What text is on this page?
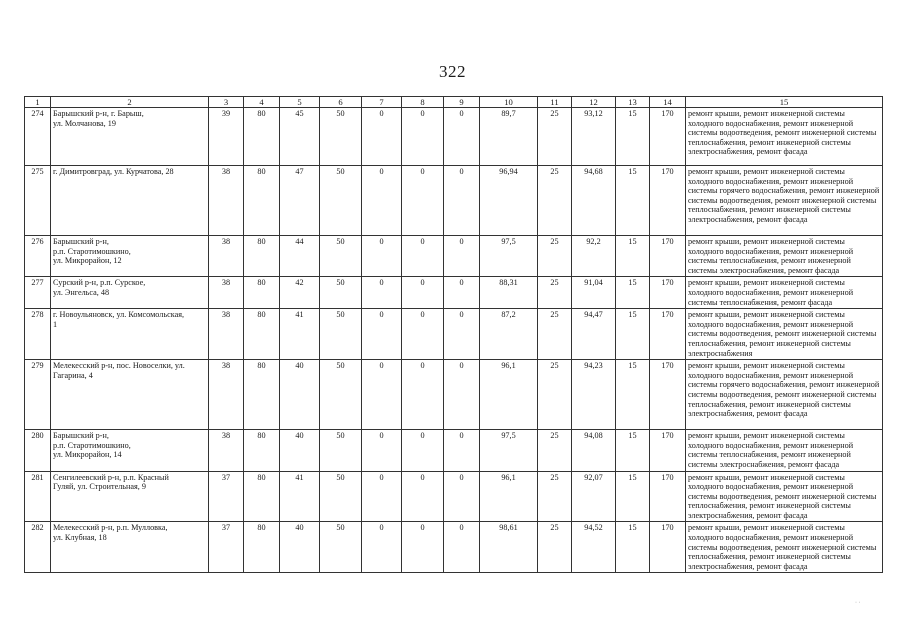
322
1	2	3	4	5	6	7	8	9	10	11	12	13	14	15
274	Барышский р-н, г. Барыш,
ул. Молчанова, 19	39	80	45	50	0	0	0	89,7	25	93,12	15	170	ремонт крыши, ремонт инженерной системы холодного водоснабжения, ремонт инженерной системы водоотведения, ремонт инженерной системы теплоснабжения, ремонт инженерной системы электроснабжения, ремонт фасада
275	г. Димитровград, ул. Курчатова, 28	38	80	47	50	0	0	0	96,94	25	94,68	15	170	ремонт крыши, ремонт инженерной системы холодного водоснабжения, ремонт инженерной системы горячего водоснабжения, ремонт инженерной системы водоотведения, ремонт инженерной системы теплоснабжения, ремонт инженерной системы электроснабжения, ремонт фасада
276	Барышский р-н,
р.п. Старотимошкино,
ул. Микрорайон, 12	38	80	44	50	0	0	0	97,5	25	92,2	15	170	ремонт крыши, ремонт инженерной системы холодного водоснабжения, ремонт инженерной системы теплоснабжения, ремонт инженерной системы электроснабжения, ремонт фасада
277	Сурский р-н, р.п. Сурское,
ул. Энгельса, 48	38	80	42	50	0	0	0	88,31	25	91,04	15	170	ремонт крыши, ремонт инженерной системы холодного водоснабжения, ремонт инженерной системы теплоснабжения, ремонт фасада
278	г. Новоульяновск, ул. Комсомольская,
1	38	80	41	50	0	0	0	87,2	25	94,47	15	170	ремонт крыши, ремонт инженерной системы холодного водоснабжения, ремонт инженерной системы водоотведения, ремонт инженерной системы теплоснабжения, ремонт инженерной системы электроснабжения
279	Мелекесский р-н, пос. Новоселки, ул.
Гагарина, 4	38	80	40	50	0	0	0	96,1	25	94,23	15	170	ремонт крыши, ремонт инженерной системы холодного водоснабжения, ремонт инженерной системы горячего водоснабжения, ремонт инженерной системы водоотведения, ремонт инженерной системы теплоснабжения, ремонт инженерной системы электроснабжения, ремонт фасада
280	Барышский р-н,
р.п. Старотимошкино,
ул. Микрорайон, 14	38	80	40	50	0	0	0	97,5	25	94,08	15	170	ремонт крыши, ремонт инженерной системы холодного водоснабжения, ремонт инженерной системы теплоснабжения, ремонт инженерной системы электроснабжения, ремонт фасада
281	Сенгилеевский р-н, р.п. Красный
Гуляй, ул. Строительная, 9	37	80	41	50	0	0	0	96,1	25	92,07	15	170	ремонт крыши, ремонт инженерной системы холодного водоснабжения, ремонт инженерной системы водоотведения, ремонт инженерной системы теплоснабжения, ремонт инженерной системы электроснабжения, ремонт фасада
282	Мелекесский р-н, р.п. Мулловка,
ул. Клубная, 18	37	80	40	50	0	0	0	98,61	25	94,52	15	170	ремонт крыши, ремонт инженерной системы холодного водоснабжения, ремонт инженерной системы водоотведения, ремонт инженерной системы теплоснабжения, ремонт инженерной системы электроснабжения, ремонт фасада
· ·
